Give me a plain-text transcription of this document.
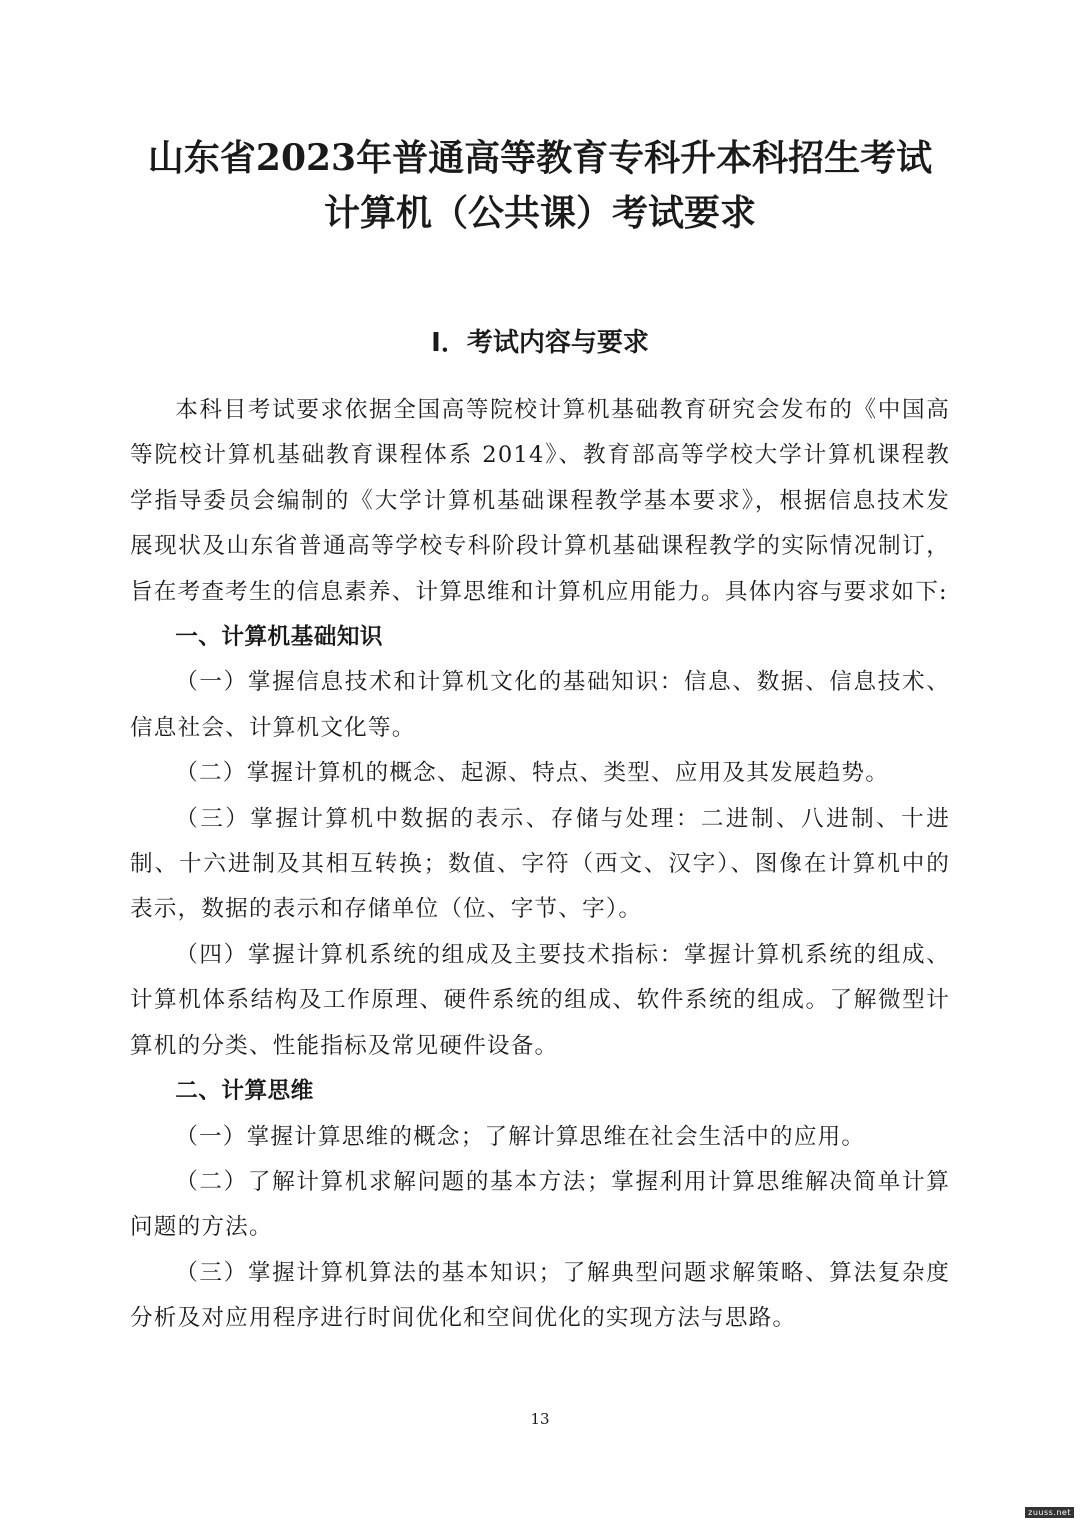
山东省2023年普通高等教育专科升本科招生考试
计算机（公共课）考试要求
Ⅰ．考试内容与要求

本科目考试要求依据全国高等院校计算机基础教育研究会发布的《中国高等院校计算机基础教育课程体系 2014》、教育部高等学校大学计算机课程教学指导委员会编制的《大学计算机基础课程教学基本要求》，根据信息技术发展现状及山东省普通高等学校专科阶段计算机基础课程教学的实际情况制订，旨在考查考生的信息素养、计算思维和计算机应用能力。具体内容与要求如下:

一、计算机基础知识

（一）掌握信息技术和计算机文化的基础知识：信息、数据、信息技术、信息社会、计算机文化等。

（二）掌握计算机的概念、起源、特点、类型、应用及其发展趋势。

（三）掌握计算机中数据的表示、存储与处理：二进制、八进制、十进制、十六进制及其相互转换；数值、字符（西文、汉字）、图像在计算机中的表示，数据的表示和存储单位（位、字节、字）。

（四）掌握计算机系统的组成及主要技术指标：掌握计算机系统的组成、计算机体系结构及工作原理、硬件系统的组成、软件系统的组成。了解微型计算机的分类、性能指标及常见硬件设备。

二、计算思维

（一）掌握计算思维的概念；了解计算思维在社会生活中的应用。

（二）了解计算机求解问题的基本方法；掌握利用计算思维解决简单计算问题的方法。

（三）掌握计算机算法的基本知识；了解典型问题求解策略、算法复杂度分析及对应用程序进行时间优化和空间优化的实现方法与思路。

13
zuuss.net
